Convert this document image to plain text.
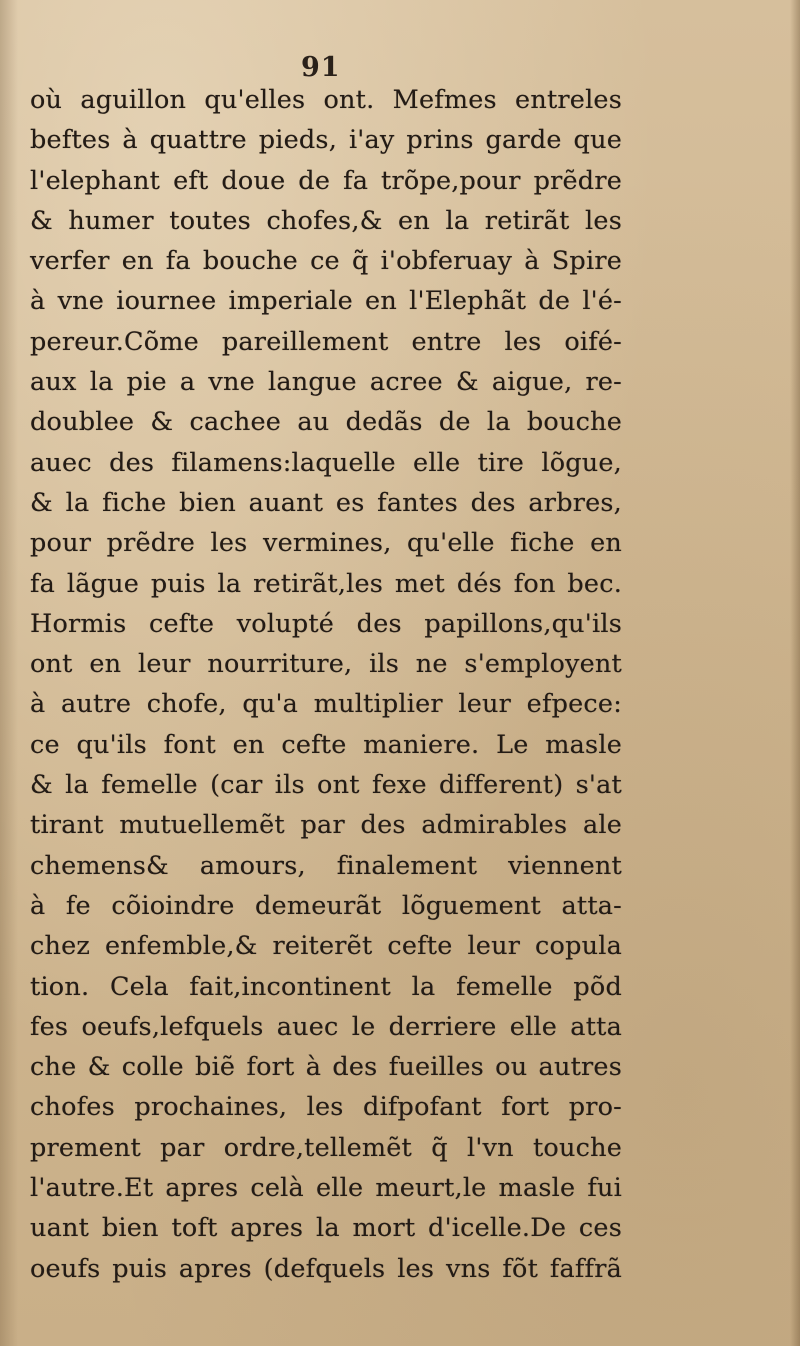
91
où aguillon qu'elles ont. Mefmes entreles
beftes à quattre pieds, i'ay prins garde que
l'elephant eft doue de fa trõpe,pour prẽdre
& humer toutes chofes,& en la retirãt les
verfer en fa bouche ce q̃ i'obferuay à Spire
à vne iournee imperiale en l'Elephãt de l'é-
pereur.Cõme pareillement entre les oifé-
aux la pie a vne langue acree & aigue, re-
doublee & cachee au dedãs de la bouche
auec des filamens:laquelle elle tire lõgue,
& la fiche bien auant es fantes des arbres,
pour prẽdre les vermines, qu'elle fiche en
fa lãgue puis la retirãt,les met dés fon bec.
Hormis cefte volupté des papillons,qu'ils
ont en leur nourriture, ils ne s'employent
à autre chofe, qu'a multiplier leur efpece:
ce qu'ils font en cefte maniere. Le masle
& la femelle (car ils ont fexe different) s'at
tirant mutuellemẽt par des admirables ale
chemens& amours, finalement viennent
à fe cõioindre demeurãt lõguement atta-
chez enfemble,& reiterẽt cefte leur copula
tion. Cela fait,incontinent la femelle põd
fes oeufs,lefquels auec le derriere elle atta
che & colle biẽ fort à des fueilles ou autres
chofes prochaines, les difpofant fort pro-
prement par ordre,tellemẽt q̃ l'vn touche
l'autre.Et apres celà elle meurt,le masle fui
uant bien toft apres la mort d'icelle.De ces
oeufs puis apres (defquels les vns fõt faffrã
